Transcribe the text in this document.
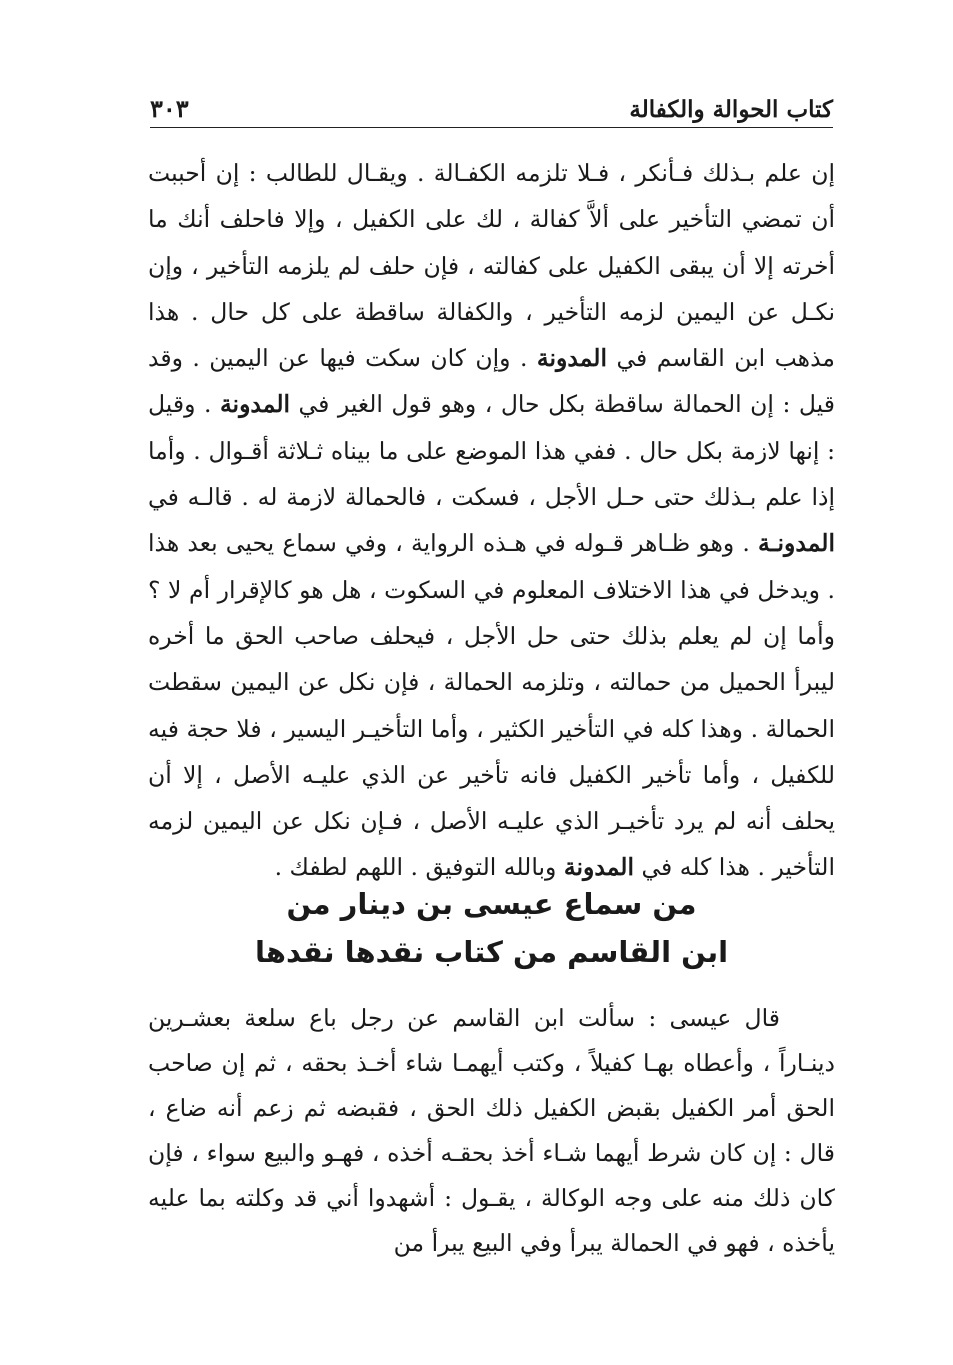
كتاب الحوالة والكفالة
٣٠٣

إن علم بـذلك فـأنكر ، فـلا تلزمه الكفـالة . ويقـال للطالب : إن أحببت أن تمضي التأخير على ألاَّ كفالة ، لك على الكفيل ، وإلا فاحلف أنك ما أخرته إلا أن يبقى الكفيل على كفالته ، فإن حلف لم يلزمه التأخير ، وإن نكـل عن اليمين لزمه التأخير ، والكفالة ساقطة على كل حال . هذا مذهب ابن القاسم في المدونة . وإن كان سكت فيها عن اليمين . وقد قيل : إن الحمالة ساقطة بكل حال ، وهو قول الغير في المدونة . وقيل : إنها لازمة بكل حال . ففي هذا الموضع على ما بيناه ثـلاثة أقـوال . وأما إذا علم بـذلك حتى حـل الأجل ، فسكت ، فالحمالة لازمة له . قالـه في المدونـة . وهو ظـاهر قـوله في هـذه الرواية ، وفي سماع يحيى بعد هذا . ويدخل في هذا الاختلاف المعلوم في السكوت ، هل هو كالإقرار أم لا ؟ وأما إن لم يعلم بذلك حتى حل الأجل ، فيحلف صاحب الحق ما أخره ليبرأ الحميل من حمالته ، وتلزمه الحمالة ، فإن نكل عن اليمين سقطت الحمالة . وهذا كله في التأخير الكثير ، وأما التأخيـر اليسير ، فلا حجة فيه للكفيل ، وأما تأخير الكفيل فانه تأخير عن الذي عليـه الأصل ، إلا أن يحلف أنه لم يرد تأخيـر الذي عليـه الأصل ، فـإن نكل عن اليمين لزمه التأخير . هذا كله في المدونة وبالله التوفيق . اللهم لطفك .

من سماع عيسى بن دينار من
ابن القاسم من كتاب نقدها نقدها

قال عيسى : سألت ابن القاسم عن رجل باع سلعة بعشـرين دينـاراً ، وأعطاه بهـا كفيلاً ، وكتب أيهمـا شاء أخـذ بحقه ، ثم إن صاحب الحق أمر الكفيل بقبض الكفيل ذلك الحق ، فقبضه ثم زعم أنه ضاع ، قال : إن كان شرط أيهما شـاء أخذ بحقـه أخذه ، فهـو والبيع سواء ، فإن كان ذلك منه على وجه الوكالة ، يقـول : أشهدوا أني قد وكلته بما عليه يأخذه ، فهو في الحمالة يبرأ وفي البيع يبرأ من
